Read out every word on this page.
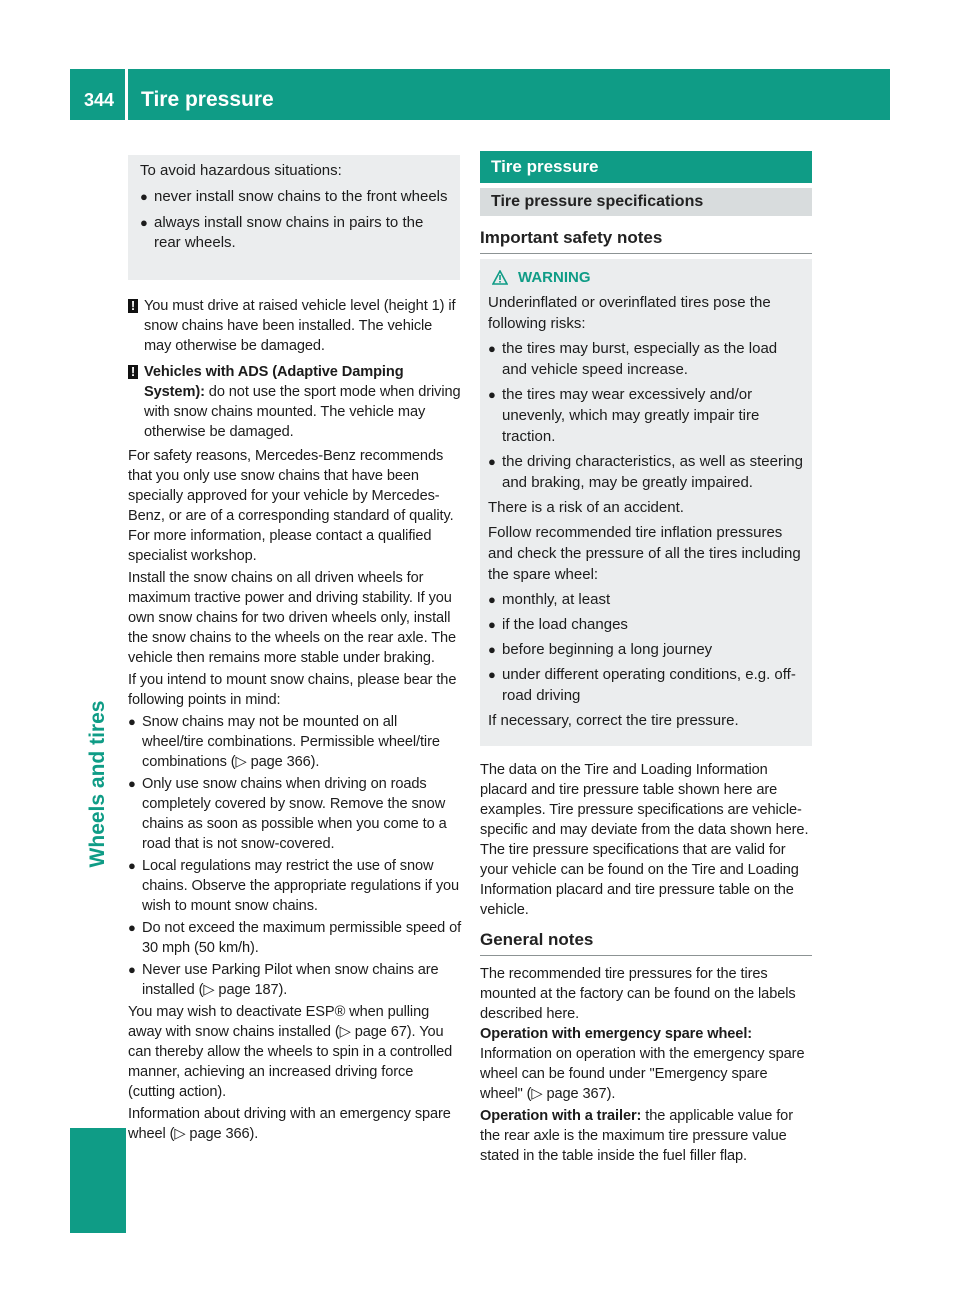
344 Tire pressure
Wheels and tires

To avoid hazardous situations:

● never install snow chains to the front wheels
● always install snow chains in pairs to the rear wheels.
! You must drive at raised vehicle level (height 1) if snow chains have been installed. The vehicle may otherwise be damaged.
! Vehicles with ADS (Adaptive Damping System): do not use the sport mode when driving with snow chains mounted. The vehicle may otherwise be damaged.

For safety reasons, Mercedes-Benz recommends that you only use snow chains that have been specially approved for your vehicle by Mercedes-Benz, or are of a corresponding standard of quality. For more information, please contact a qualified specialist workshop.

Install the snow chains on all driven wheels for maximum tractive power and driving stability. If you own snow chains for two driven wheels only, install the snow chains to the wheels on the rear axle. The vehicle then remains more stable under braking.

If you intend to mount snow chains, please bear the following points in mind:

● Snow chains may not be mounted on all wheel/tire combinations. Permissible wheel/tire combinations (▷ page 366).
● Only use snow chains when driving on roads completely covered by snow. Remove the snow chains as soon as possible when you come to a road that is not snow-covered.
● Local regulations may restrict the use of snow chains. Observe the appropriate regulations if you wish to mount snow chains.
● Do not exceed the maximum permissible speed of 30 mph (50 km/h).
● Never use Parking Pilot when snow chains are installed (▷ page 187).

You may wish to deactivate ESP® when pulling away with snow chains installed (▷ page 67). You can thereby allow the wheels to spin in a controlled manner, achieving an increased driving force (cutting action).

Information about driving with an emergency spare wheel (▷ page 366).

Tire pressure
Tire pressure specifications
Important safety notes
WARNING

Underinflated or overinflated tires pose the following risks:

● the tires may burst, especially as the load and vehicle speed increase.
● the tires may wear excessively and/or unevenly, which may greatly impair tire traction.
● the driving characteristics, as well as steering and braking, may be greatly impaired.

There is a risk of an accident.

Follow recommended tire inflation pressures and check the pressure of all the tires including the spare wheel:

● monthly, at least
● if the load changes
● before beginning a long journey
● under different operating conditions, e.g. off-road driving

If necessary, correct the tire pressure.

The data on the Tire and Loading Information placard and tire pressure table shown here are examples. Tire pressure specifications are vehicle-specific and may deviate from the data shown here. The tire pressure specifications that are valid for your vehicle can be found on the Tire and Loading Information placard and tire pressure table on the vehicle.
General notes

The recommended tire pressures for the tires mounted at the factory can be found on the labels described here.

Operation with emergency spare wheel:

Information on operation with the emergency spare wheel can be found under "Emergency spare wheel" (▷ page 367).

Operation with a trailer: the applicable value for the rear axle is the maximum tire pressure value stated in the table inside the fuel filler flap.
